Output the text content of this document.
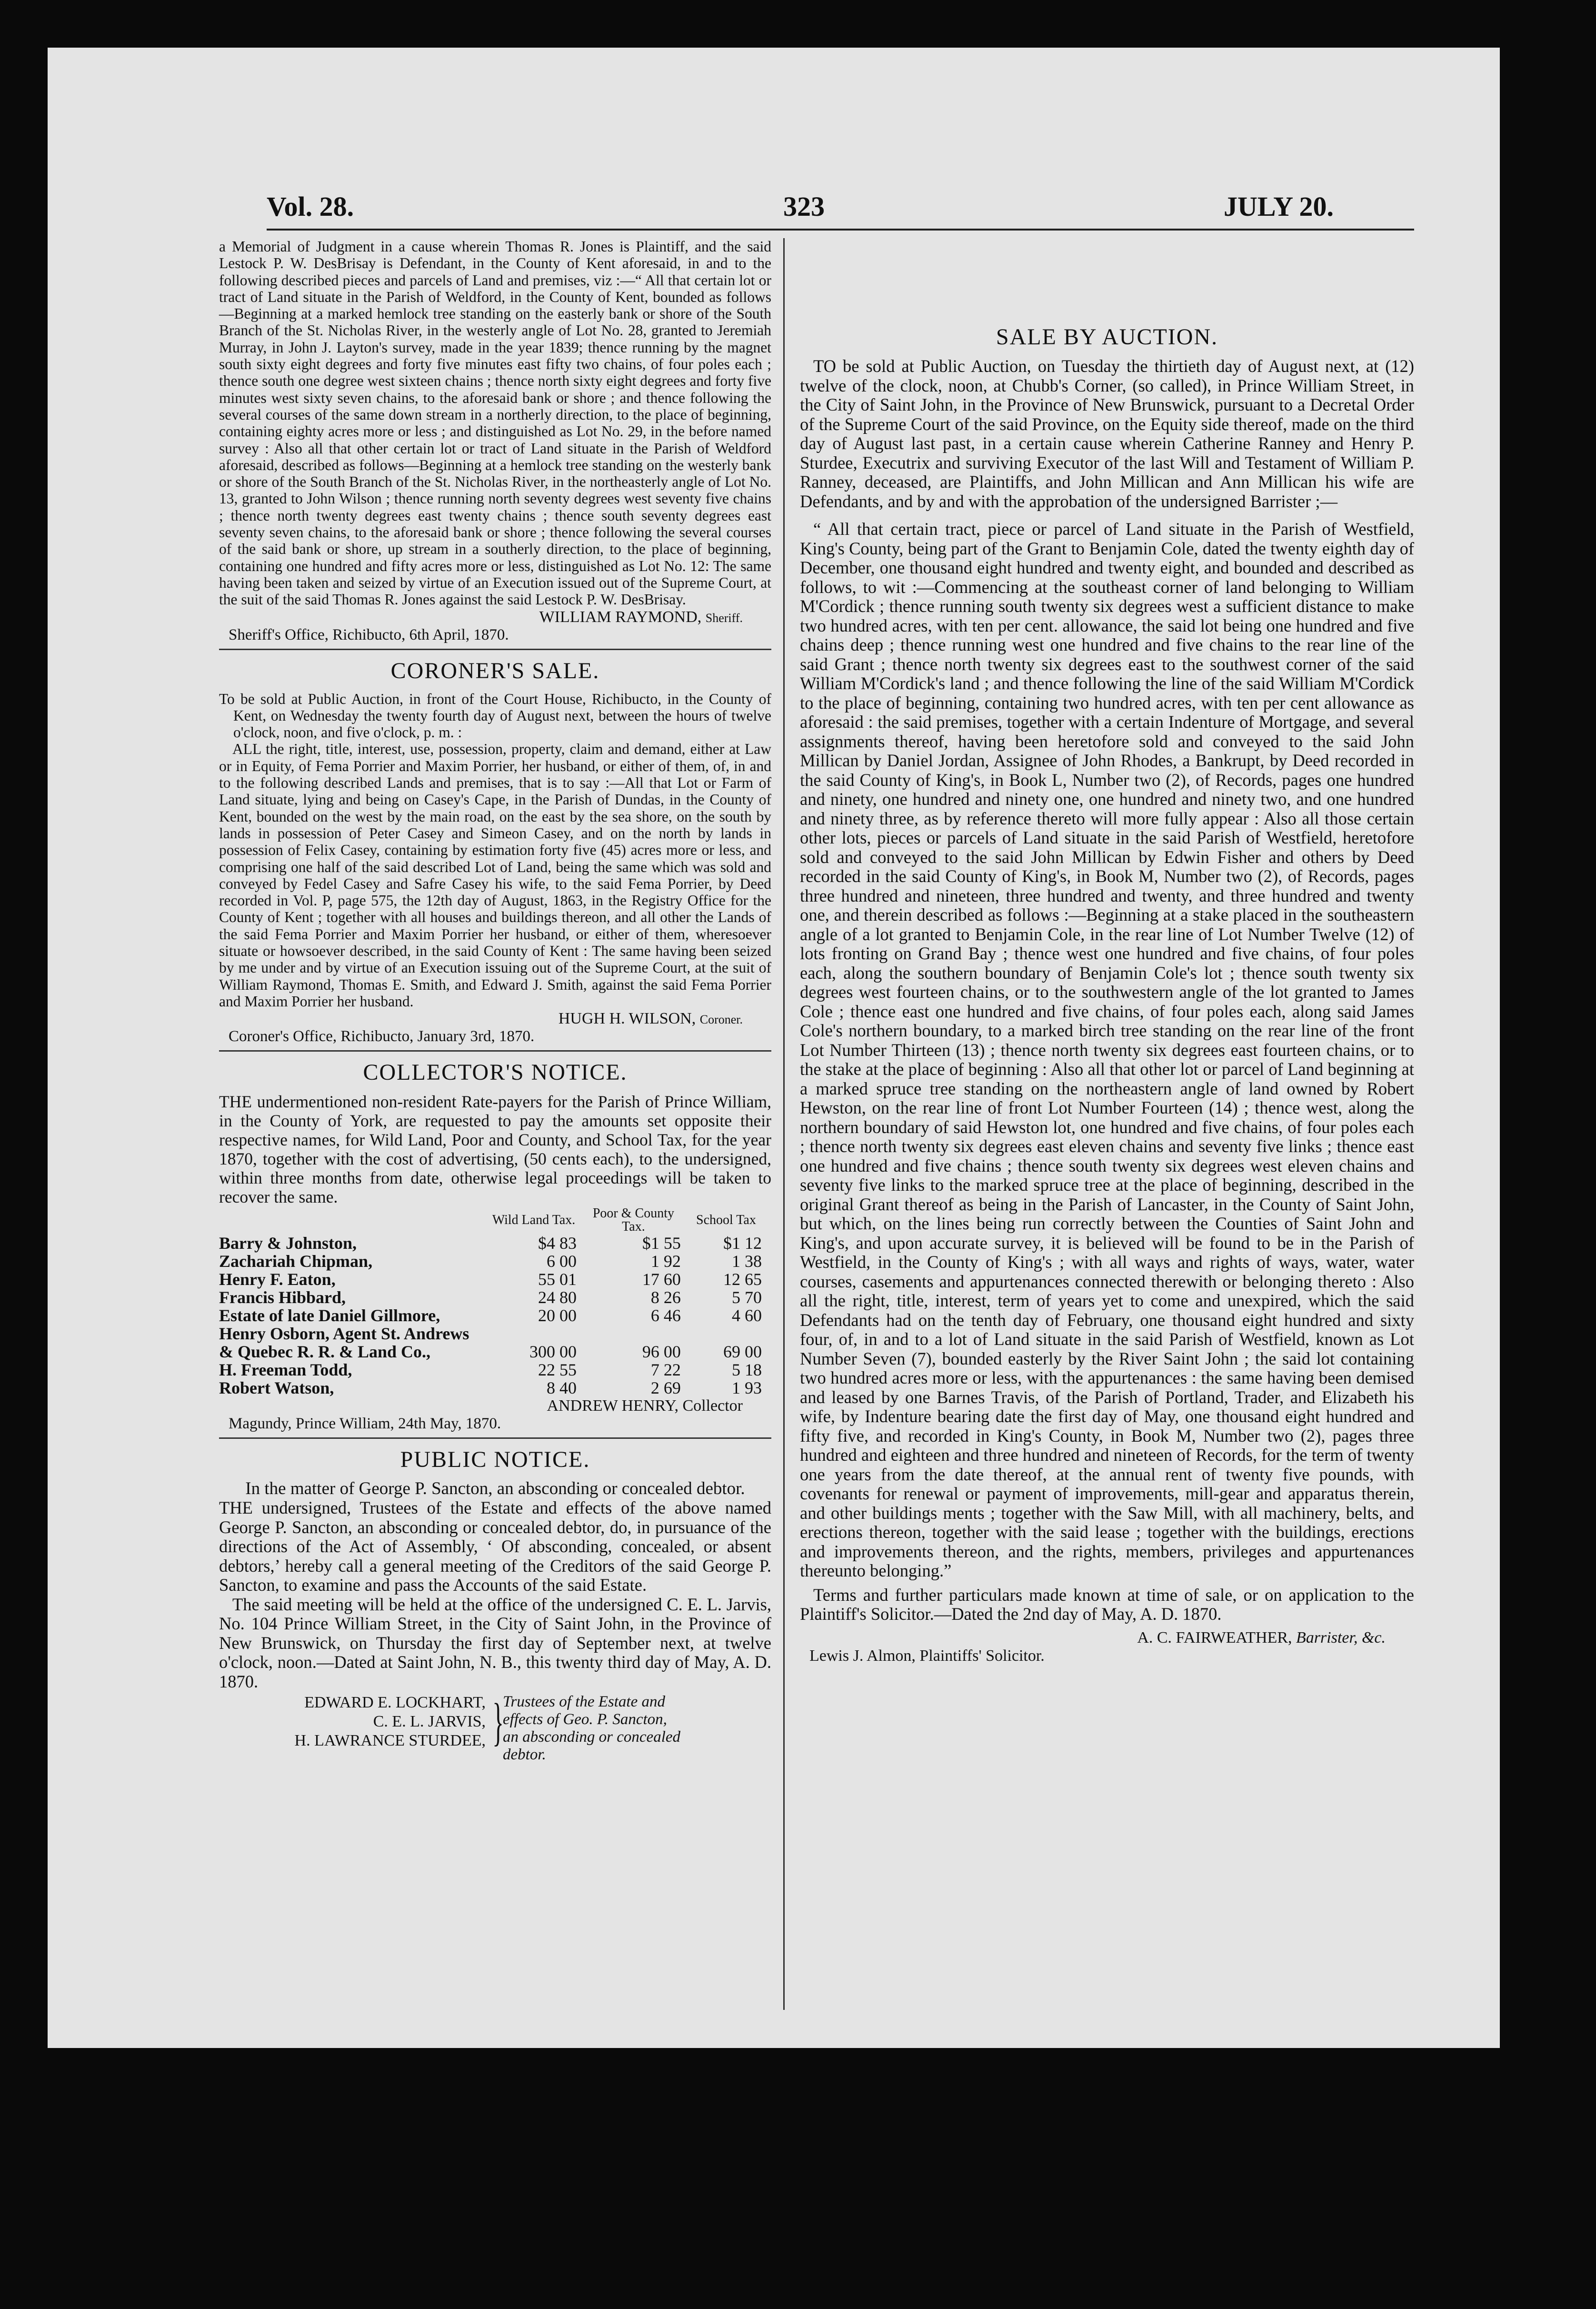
Vol. 28.	323	JULY 20.

a Memorial of Judgment in a cause wherein Thomas R. Jones is Plaintiff, and the said Lestock P. W. DesBrisay is Defendant, in the County of Kent aforesaid, in and to the following described pieces and parcels of Land and premises, viz :—“ All that certain lot or tract of Land situate in the Parish of Weldford, in the County of Kent, bounded as follows—Beginning at a marked hemlock tree standing on the easterly bank or shore of the South Branch of the St. Nicholas River, in the westerly angle of Lot No. 28, granted to Jeremiah Murray, in John J. Layton's survey, made in the year 1839; thence running by the magnet south sixty eight degrees and forty five minutes east fifty two chains, of four poles each ; thence south one degree west sixteen chains ; thence north sixty eight degrees and forty five minutes west sixty seven chains, to the aforesaid bank or shore ; and thence following the several courses of the same down stream in a northerly direction, to the place of beginning, containing eighty acres more or less ; and distinguished as Lot No. 29, in the before named survey : Also all that other certain lot or tract of Land situate in the Parish of Weldford aforesaid, described as follows—Beginning at a hemlock tree standing on the westerly bank or shore of the South Branch of the St. Nicholas River, in the northeasterly angle of Lot No. 13, granted to John Wilson ; thence running north seventy degrees west seventy five chains ; thence north twenty degrees east twenty chains ; thence south seventy degrees east seventy seven chains, to the aforesaid bank or shore ; thence following the several courses of the said bank or shore, up stream in a southerly direction, to the place of beginning, containing one hundred and fifty acres more or less, distinguished as Lot No. 12: The same having been taken and seized by virtue of an Execution issued out of the Supreme Court, at the suit of the said Thomas R. Jones against the said Lestock P. W. DesBrisay.

WILLIAM RAYMOND, Sheriff.
Sheriff's Office, Richibucto, 6th April, 1870.
CORONER'S SALE.

To be sold at Public Auction, in front of the Court House, Richibucto, in the County of Kent, on Wednesday the twenty fourth day of August next, between the hours of twelve o'clock, noon, and five o'clock, p. m. :

ALL the right, title, interest, use, possession, property, claim and demand, either at Law or in Equity, of Fema Porrier and Maxim Porrier, her husband, or either of them, of, in and to the following described Lands and premises, that is to say :—All that Lot or Farm of Land situate, lying and being on Casey's Cape, in the Parish of Dundas, in the County of Kent, bounded on the west by the main road, on the east by the sea shore, on the south by lands in possession of Peter Casey and Simeon Casey, and on the north by lands in possession of Felix Casey, containing by estimation forty five (45) acres more or less, and comprising one half of the said described Lot of Land, being the same which was sold and conveyed by Fedel Casey and Safre Casey his wife, to the said Fema Porrier, by Deed recorded in Vol. P, page 575, the 12th day of August, 1863, in the Registry Office for the County of Kent ; together with all houses and buildings thereon, and all other the Lands of the said Fema Porrier and Maxim Porrier her husband, or either of them, wheresoever situate or howsoever described, in the said County of Kent : The same having been seized by me under and by virtue of an Execution issuing out of the Supreme Court, at the suit of William Raymond, Thomas E. Smith, and Edward J. Smith, against the said Fema Porrier and Maxim Porrier her husband.

HUGH H. WILSON, Coroner.
Coroner's Office, Richibucto, January 3rd, 1870.
COLLECTOR'S NOTICE.

THE undermentioned non-resident Rate-payers for the Parish of Prince William, in the County of York, are requested to pay the amounts set opposite their respective names, for Wild Land, Poor and County, and School Tax, for the year 1870, together with the cost of advertising, (50 cents each), to the undersigned, within three months from date, otherwise legal proceedings will be taken to recover the same.

	Wild Land Tax.	Poor & County Tax.	School Tax
Barry & Johnston,	$4 83	$1 55	$1 12
Zachariah Chipman,	6 00	1 92	1 38
Henry F. Eaton,	55 01	17 60	12 65
Francis Hibbard,	24 80	8 26	5 70
Estate of late Daniel Gillmore,	20 00	6 46	4 60
Henry Osborn, Agent St. Andrews			
& Quebec R. R. & Land Co.,	300 00	96 00	69 00
H. Freeman Todd,	22 55	7 22	5 18
Robert Watson,	8 40	2 69	1 93
ANDREW HENRY, Collector
Magundy, Prince William, 24th May, 1870.
PUBLIC NOTICE.
In the matter of George P. Sancton, an absconding or concealed debtor.

THE undersigned, Trustees of the Estate and effects of the above named George P. Sancton, an absconding or concealed debtor, do, in pursuance of the directions of the Act of Assembly, ‘ Of absconding, concealed, or absent debtors,’ hereby call a general meeting of the Creditors of the said George P. Sancton, to examine and pass the Accounts of the said Estate.

The said meeting will be held at the office of the undersigned C. E. L. Jarvis, No. 104 Prince William Street, in the City of Saint John, in the Province of New Brunswick, on Thursday the first day of September next, at twelve o'clock, noon.—Dated at Saint John, N. B., this twenty third day of May, A. D. 1870.

EDWARD E. LOCKHART,
C. E. L. JARVIS,
H. LAWRANCE STURDEE, }
Trustees of the Estate and effects of Geo. P. Sancton, an absconding or concealed debtor.
SALE BY AUCTION.

TO be sold at Public Auction, on Tuesday the thirtieth day of August next, at (12) twelve of the clock, noon, at Chubb's Corner, (so called), in Prince William Street, in the City of Saint John, in the Province of New Brunswick, pursuant to a Decretal Order of the Supreme Court of the said Province, on the Equity side thereof, made on the third day of August last past, in a certain cause wherein Catherine Ranney and Henry P. Sturdee, Executrix and surviving Executor of the last Will and Testament of William P. Ranney, deceased, are Plaintiffs, and John Millican and Ann Millican his wife are Defendants, and by and with the approbation of the undersigned Barrister ;—

“ All that certain tract, piece or parcel of Land situate in the Parish of Westfield, King's County, being part of the Grant to Benjamin Cole, dated the twenty eighth day of December, one thousand eight hundred and twenty eight, and bounded and described as follows, to wit :—Commencing at the southeast corner of land belonging to William M'Cordick ; thence running south twenty six degrees west a sufficient distance to make two hundred acres, with ten per cent. allowance, the said lot being one hundred and five chains deep ; thence running west one hundred and five chains to the rear line of the said Grant ; thence north twenty six degrees east to the southwest corner of the said William M'Cordick's land ; and thence following the line of the said William M'Cordick to the place of beginning, containing two hundred acres, with ten per cent allowance as aforesaid : the said premises, together with a certain Indenture of Mortgage, and several assignments thereof, having been heretofore sold and conveyed to the said John Millican by Daniel Jordan, Assignee of John Rhodes, a Bankrupt, by Deed recorded in the said County of King's, in Book L, Number two (2), of Records, pages one hundred and ninety, one hundred and ninety one, one hundred and ninety two, and one hundred and ninety three, as by reference thereto will more fully appear : Also all those certain other lots, pieces or parcels of Land situate in the said Parish of Westfield, heretofore sold and conveyed to the said John Millican by Edwin Fisher and others by Deed recorded in the said County of King's, in Book M, Number two (2), of Records, pages three hundred and nineteen, three hundred and twenty, and three hundred and twenty one, and therein described as follows :—Beginning at a stake placed in the southeastern angle of a lot granted to Benjamin Cole, in the rear line of Lot Number Twelve (12) of lots fronting on Grand Bay ; thence west one hundred and five chains, of four poles each, along the southern boundary of Benjamin Cole's lot ; thence south twenty six degrees west fourteen chains, or to the southwestern angle of the lot granted to James Cole ; thence east one hundred and five chains, of four poles each, along said James Cole's northern boundary, to a marked birch tree standing on the rear line of the front Lot Number Thirteen (13) ; thence north twenty six degrees east fourteen chains, or to the stake at the place of beginning : Also all that other lot or parcel of Land beginning at a marked spruce tree standing on the northeastern angle of land owned by Robert Hewston, on the rear line of front Lot Number Fourteen (14) ; thence west, along the northern boundary of said Hewston lot, one hundred and five chains, of four poles each ; thence north twenty six degrees east eleven chains and seventy five links ; thence east one hundred and five chains ; thence south twenty six degrees west eleven chains and seventy five links to the marked spruce tree at the place of beginning, described in the original Grant thereof as being in the Parish of Lancaster, in the County of Saint John, but which, on the lines being run correctly between the Counties of Saint John and King's, and upon accurate survey, it is believed will be found to be in the Parish of Westfield, in the County of King's ; with all ways and rights of ways, water, water courses, casements and appurtenances connected therewith or belonging thereto : Also all the right, title, interest, term of years yet to come and unexpired, which the said Defendants had on the tenth day of February, one thousand eight hundred and sixty four, of, in and to a lot of Land situate in the said Parish of Westfield, known as Lot Number Seven (7), bounded easterly by the River Saint John ; the said lot containing two hundred acres more or less, with the appurtenances : the same having been demised and leased by one Barnes Travis, of the Parish of Portland, Trader, and Elizabeth his wife, by Indenture bearing date the first day of May, one thousand eight hundred and fifty five, and recorded in King's County, in Book M, Number two (2), pages three hundred and eighteen and three hundred and nineteen of Records, for the term of twenty one years from the date thereof, at the annual rent of twenty five pounds, with covenants for renewal or payment of improvements, mill-gear and apparatus therein, and other buildings ments ; together with the Saw Mill, with all machinery, belts, and erections thereon, together with the said lease ; together with the buildings, erections and improvements thereon, and the rights, members, privileges and appurtenances thereunto belonging.”

Terms and further particulars made known at time of sale, or on application to the Plaintiff's Solicitor.—Dated the 2nd day of May, A. D. 1870.

A. C. FAIRWEATHER, Barrister, &c.
Lewis J. Almon, Plaintiffs' Solicitor.
